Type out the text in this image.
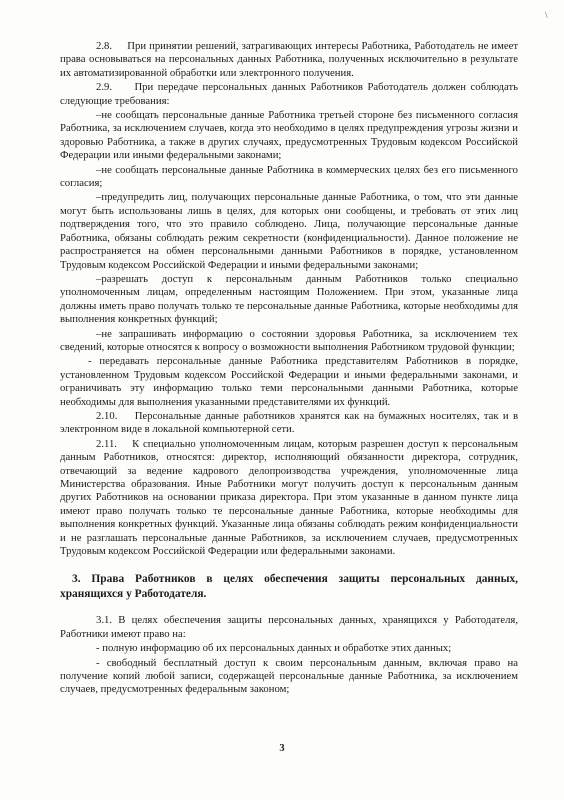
\

2.8.     При принятии решений, затрагивающих интересы Работника, Работодатель не имеет права основываться на персональных данных Работника, полученных исключительно в результате их автоматизированной обработки или электронного получения.

2.9.     При передаче персональных данных Работников Работодатель должен соблюдать следующие требования:

–не сообщать персональные данные Работника третьей стороне без письменного согласия Работника, за исключением случаев, когда это необходимо в целях предупреждения угрозы жизни и здоровью Работника, а также в других случаях, предусмотренных Трудовым кодексом Российской Федерации или иными федеральными законами;

–не сообщать персональные данные Работника в коммерческих целях без его письменного согласия;

–предупредить лиц, получающих персональные данные Работника, о том, что эти данные могут быть использованы лишь в целях, для которых они сообщены, и требовать от этих лиц подтверждения того, что это правило соблюдено. Лица, получающие персональные данные Работника, обязаны соблюдать режим секретности (конфиденциальности). Данное положение не распространяется на обмен персональными данными Работников в порядке, установленном Трудовым кодексом Российской Федерации и иными федеральными законами;

–разрешать доступ к персональным данным Работников только специально уполномоченным лицам, определенным настоящим Положением. При этом, указанные лица должны иметь право получать только те персональные данные Работника, которые необходимы для выполнения конкретных функций;

–не запрашивать информацию о состоянии здоровья Работника, за исключением тех сведений, которые относятся к вопросу о возможности выполнения Работником трудовой функции;

- передавать персональные данные Работника представителям Работников в порядке, установленном Трудовым кодексом Российской Федерации и иными федеральными законами, и ограничивать эту информацию только теми персональными данными Работника, которые необходимы для выполнения указанными представителями их функций.

2.10.    Персональные данные работников хранятся как на бумажных носителях, так и в электронном виде в локальной компьютерной сети.

2.11.    К специально уполномоченным лицам, которым разрешен доступ к персональным данным Работников, относятся: директор, исполняющий обязанности директора, сотрудник, отвечающий за ведение кадрового делопроизводства учреждения, уполномоченные лица Министерства образования. Иные Работники могут получить доступ к персональным данным других Работников на основании приказа директора. При этом указанные в данном пункте лица имеют право получать только те персональные данные Работника, которые необходимы для выполнения конкретных функций. Указанные лица обязаны соблюдать режим конфиденциальности и не разглашать персональные данные Работников, за исключением случаев, предусмотренных Трудовым кодексом Российской Федерации или федеральными законами.

3. Права Работников в целях обеспечения защиты персональных данных, хранящихся у Работодателя.

3.1. В целях обеспечения защиты персональных данных, хранящихся у Работодателя, Работники имеют право на:

- полную информацию об их персональных данных и обработке этих данных;

- свободный бесплатный доступ к своим персональным данным, включая право на получение копий любой записи, содержащей персональные данные Работника, за исключением случаев, предусмотренных федеральным законом;

3
